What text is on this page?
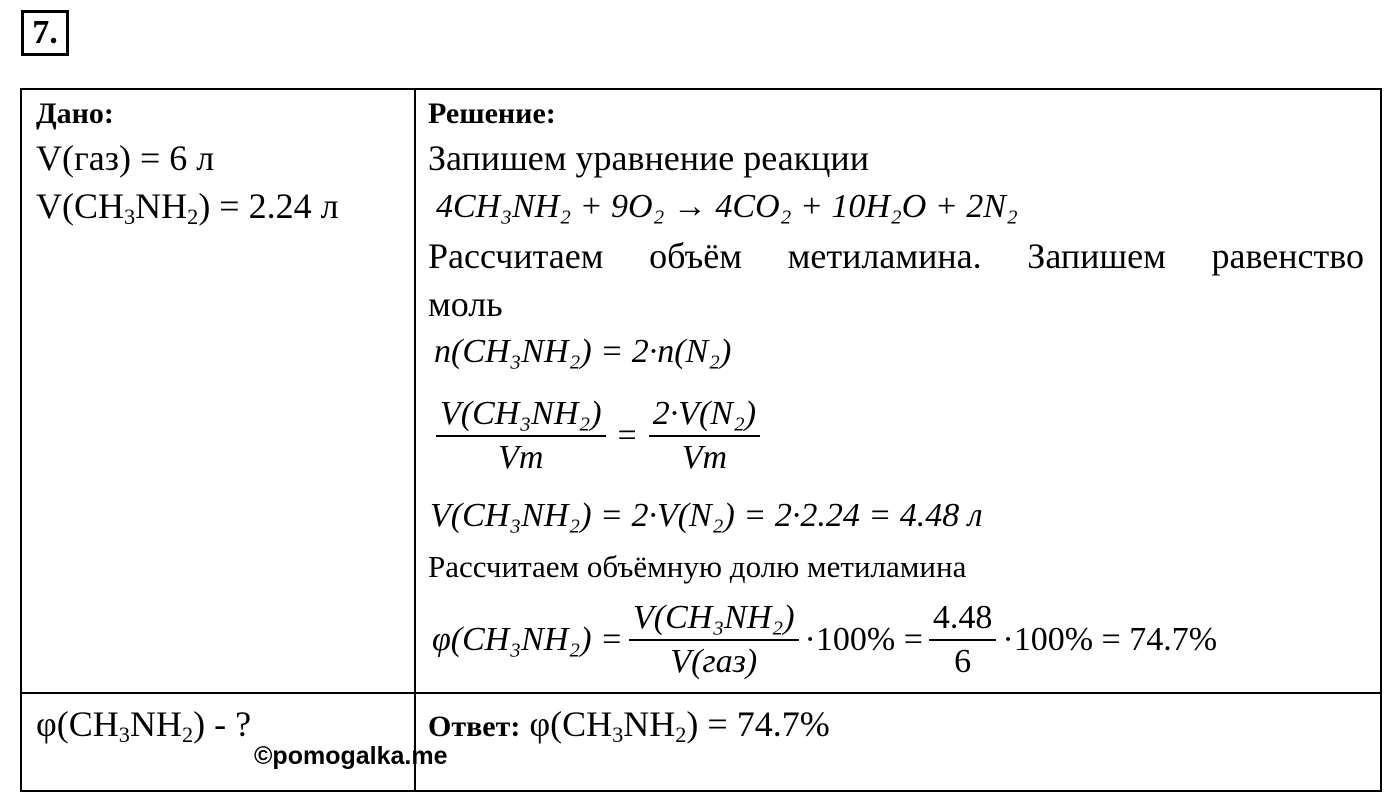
7.
Дано:
V(газ) = 6 л
$V(CH_3NH_2) = 2.24$ л
Решение:
Запишем уравнение реакции
4CH₃NH₂ + 9O₂ → 4CO₂ + 10H₂O + 2N₂
Рассчитаем объём метиламина. Запишем равенство
моль
n(CH₃NH₂) = 2·n(N₂)
$\frac{\text{V(CH₃NH₂)}}{Vm} = \frac{\text{2·V(N₂)}}{Vm}$
V(CH₃NH₂) = 2·V(N₂) = 2·2.24 = 4.48 л
Рассчитаем объёмную долю метиламина
$\varphi(CH_3NH_2) = \frac{\text{V(CH₃NH₂)}}{\text{V(газ)}} \cdot 100\% = \frac{4.48}{6} \cdot 100\% = 74.7\%$
$\varphi(CH_3NH_2)$ - ?	Ответ: $\varphi(CH_3NH_2) = 74.7\%$
©pomogalka.me
